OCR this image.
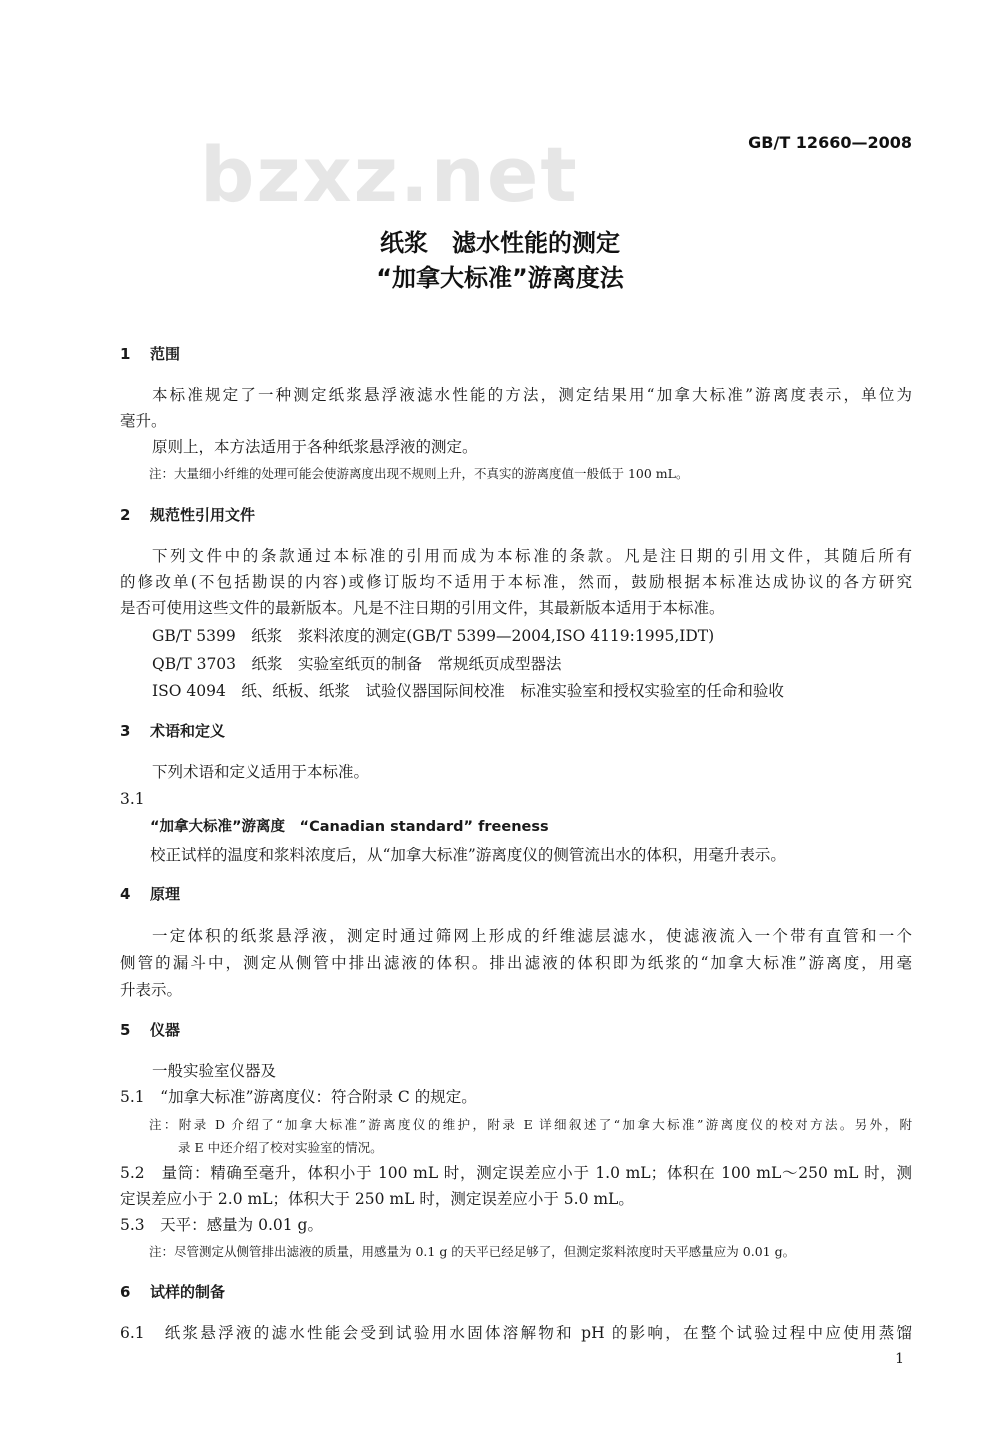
bzxz.net	GB/T 12660—2008
纸浆　滤水性能的测定
“加拿大标准”游离度法
1 范围
本标准规定了一种测定纸浆悬浮液滤水性能的方法，测定结果用“加拿大标准”游离度表示，单位为
毫升。
原则上，本方法适用于各种纸浆悬浮液的测定。
注：大量细小纤维的处理可能会使游离度出现不规则上升，不真实的游离度值一般低于 100 mL。
2 规范性引用文件
下列文件中的条款通过本标准的引用而成为本标准的条款。凡是注日期的引用文件，其随后所有
的修改单(不包括勘误的内容)或修订版均不适用于本标准，然而，鼓励根据本标准达成协议的各方研究
是否可使用这些文件的最新版本。凡是不注日期的引用文件，其最新版本适用于本标准。
GB/T 5399　纸浆　浆料浓度的测定(GB/T 5399—2004,ISO 4119:1995,IDT)
QB/T 3703　纸浆　实验室纸页的制备　常规纸页成型器法
ISO 4094　纸、纸板、纸浆　试验仪器国际间校准　标准实验室和授权实验室的任命和验收
3 术语和定义
下列术语和定义适用于本标准。
3.1
“加拿大标准”游离度　“Canadian standard” freeness
校正试样的温度和浆料浓度后，从“加拿大标准”游离度仪的侧管流出水的体积，用毫升表示。
4 原理
一定体积的纸浆悬浮液，测定时通过筛网上形成的纤维滤层滤水，使滤液流入一个带有直管和一个
侧管的漏斗中，测定从侧管中排出滤液的体积。排出滤液的体积即为纸浆的“加拿大标准”游离度，用毫
升表示。
5 仪器
一般实验室仪器及
5.1　“加拿大标准”游离度仪：符合附录 C 的规定。
注：附录 D 介绍了“加拿大标准”游离度仪的维护，附录 E 详细叙述了“加拿大标准”游离度仪的校对方法。另外，附
录 E 中还介绍了校对实验室的情况。
5.2　量筒：精确至毫升，体积小于 100 mL 时，测定误差应小于 1.0 mL；体积在 100 mL～250 mL 时，测
定误差应小于 2.0 mL；体积大于 250 mL 时，测定误差应小于 5.0 mL。
5.3　天平：感量为 0.01 g。
注：尽管测定从侧管排出滤液的质量，用感量为 0.1 g 的天平已经足够了，但测定浆料浓度时天平感量应为 0.01 g。
6 试样的制备
6.1　纸浆悬浮液的滤水性能会受到试验用水固体溶解物和 pH 的影响，在整个试验过程中应使用蒸馏
1
